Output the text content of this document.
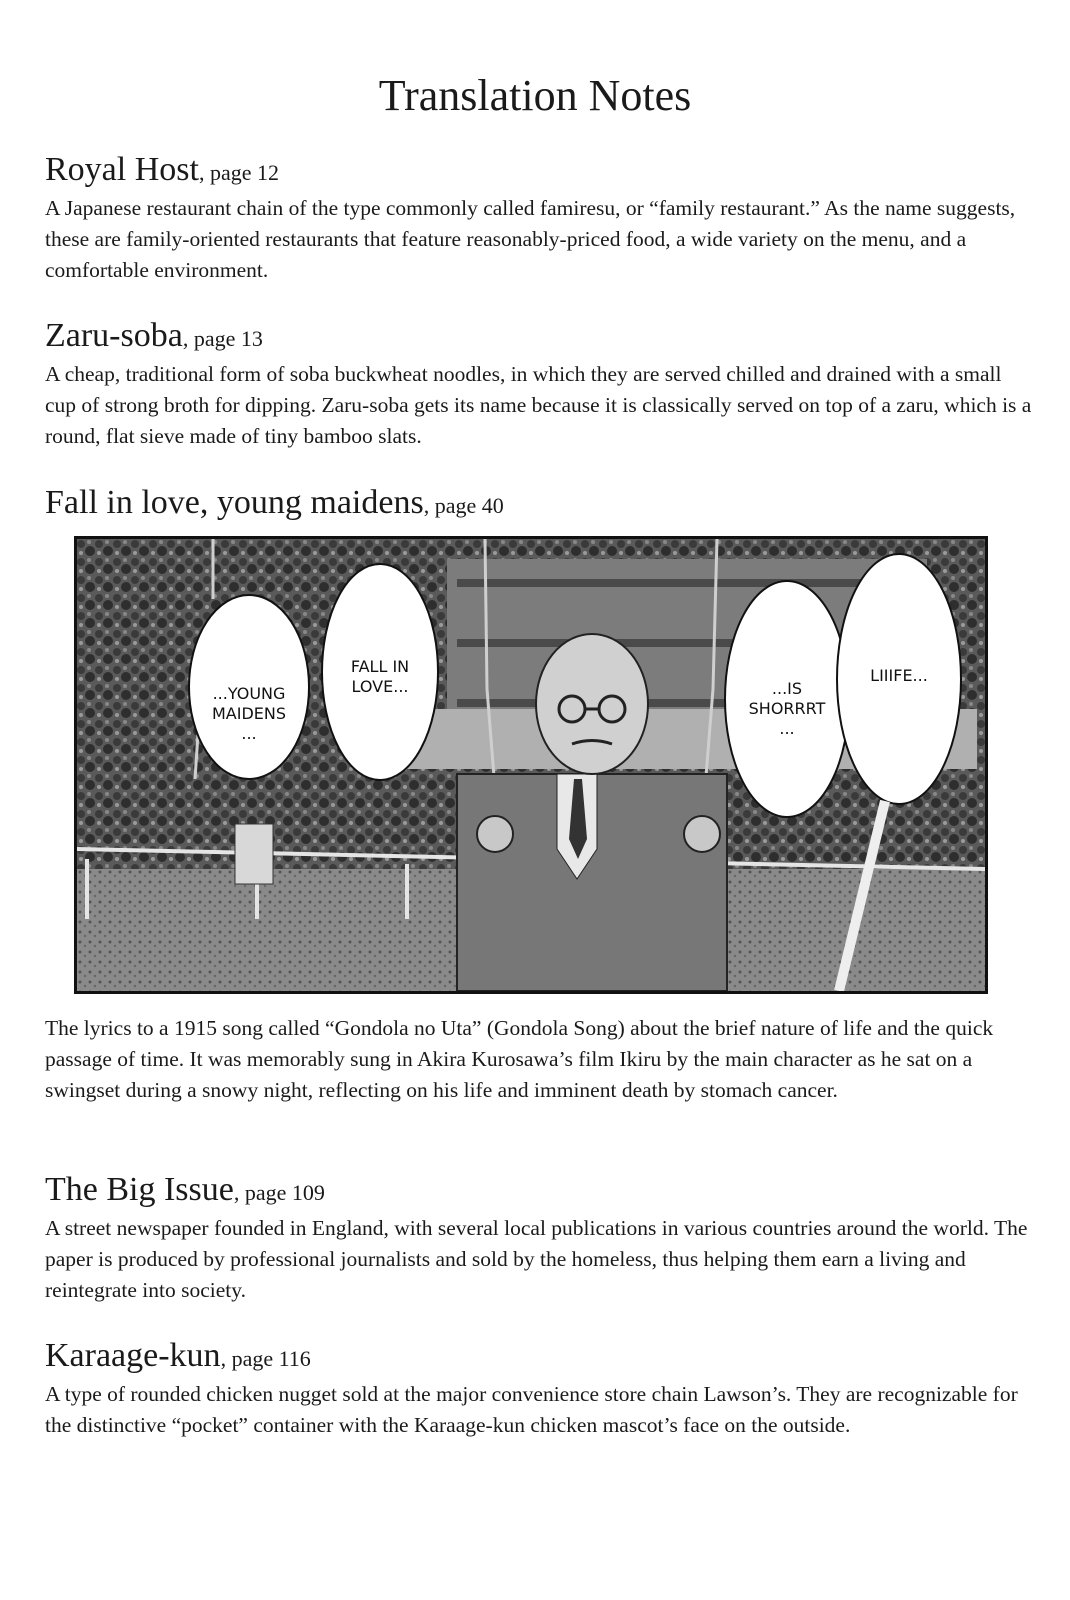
Translation Notes
Royal Host, page 12

A Japanese restaurant chain of the type commonly called famiresu, or “family restaurant.” As the name suggests, these are family-oriented restaurants that feature reasonably-priced food, a wide variety on the menu, and a comfortable environment.

Zaru-soba, page 13

A cheap, traditional form of soba buckwheat noodles, in which they are served chilled and drained with a small cup of strong broth for dipping. Zaru-soba gets its name because it is classically served on top of a zaru, which is a round, flat sieve made of tiny bamboo slats.

Fall in love, young maidens, page 40
...YOUNG
MAIDENS
...
FALL IN
LOVE...	...IS
SHORRRT
...
LIIIFE...

The lyrics to a 1915 song called “Gondola no Uta” (Gondola Song) about the brief nature of life and the quick passage of time. It was memorably sung in Akira Kurosawa’s film Ikiru by the main character as he sat on a swingset during a snowy night, reflecting on his life and imminent death by stomach cancer.

The Big Issue, page 109

A street newspaper founded in England, with several local publications in various countries around the world. The paper is produced by professional journalists and sold by the homeless, thus helping them earn a living and reintegrate into society.

Karaage-kun, page 116

A type of rounded chicken nugget sold at the major convenience store chain Lawson’s. They are recognizable for the distinctive “pocket” container with the Karaage-kun chicken mascot’s face on the outside.
